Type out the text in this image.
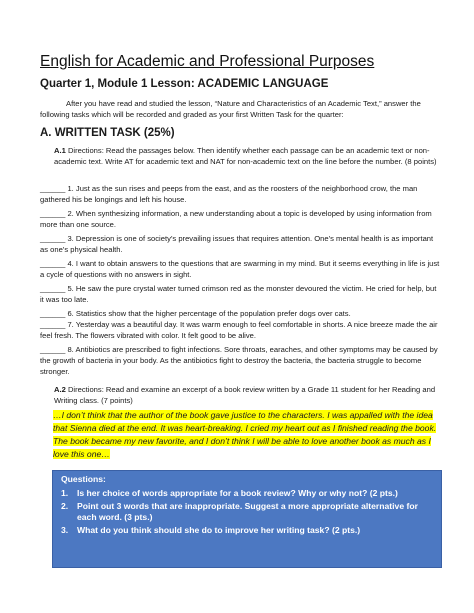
English for Academic and Professional Purposes
Quarter 1, Module 1 Lesson: ACADEMIC LANGUAGE
After you have read and studied the lesson, “Nature and Characteristics of an Academic Text,” answer the following tasks which will be recorded and graded as your first Written Task for the quarter:
A. WRITTEN TASK (25%)
A.1 Directions: Read the passages below. Then identify whether each passage can be an academic text or non-academic text. Write AT for academic text and NAT for non-academic text on the line before the number. (8 points)
______ 1. Just as the sun rises and peeps from the east, and as the roosters of the neighborhood crow, the man gathered his be longings and left his house.
______ 2. When synthesizing information, a new understanding about a topic is developed by using information from more than one source.
______ 3. Depression is one of society’s prevailing issues that requires attention. One’s mental health is as important as one’s physical health.
______ 4. I want to obtain answers to the questions that are swarming in my mind. But it seems everything in life is just a cycle of questions with no answers in sight.
______ 5. He saw the pure crystal water turned crimson red as the monster devoured the victim. He cried for help, but it was too late.
______ 6. Statistics show that the higher percentage of the population prefer dogs over cats.
______ 7. Yesterday was a beautiful day. It was warm enough to feel comfortable in shorts. A nice breeze made the air feel fresh. The flowers vibrated with color. It felt good to be alive.
______ 8. Antibiotics are prescribed to fight infections. Sore throats, earaches, and other symptoms may be caused by the growth of bacteria in your body. As the antibiotics fight to destroy the bacteria, the bacteria struggle to become stronger.
A.2 Directions: Read and examine an excerpt of a book review written by a Grade 11 student for her Reading and Writing class. (7 points)
…I don’t think that the author of the book gave justice to the characters. I was appalled with the idea that Sienna died at the end. It was heart-breaking. I cried my heart out as I finished reading the book. The book became my new favorite, and I don’t think I will be able to love another book as much as I love this one…
Questions:
1.	Is her choice of words appropriate for a book review? Why or why not? (2 pts.)
2.	Point out 3 words that are inappropriate. Suggest a more appropriate alternative for each word. (3 pts.)
3.	What do you think should she do to improve her writing task? (2 pts.)
